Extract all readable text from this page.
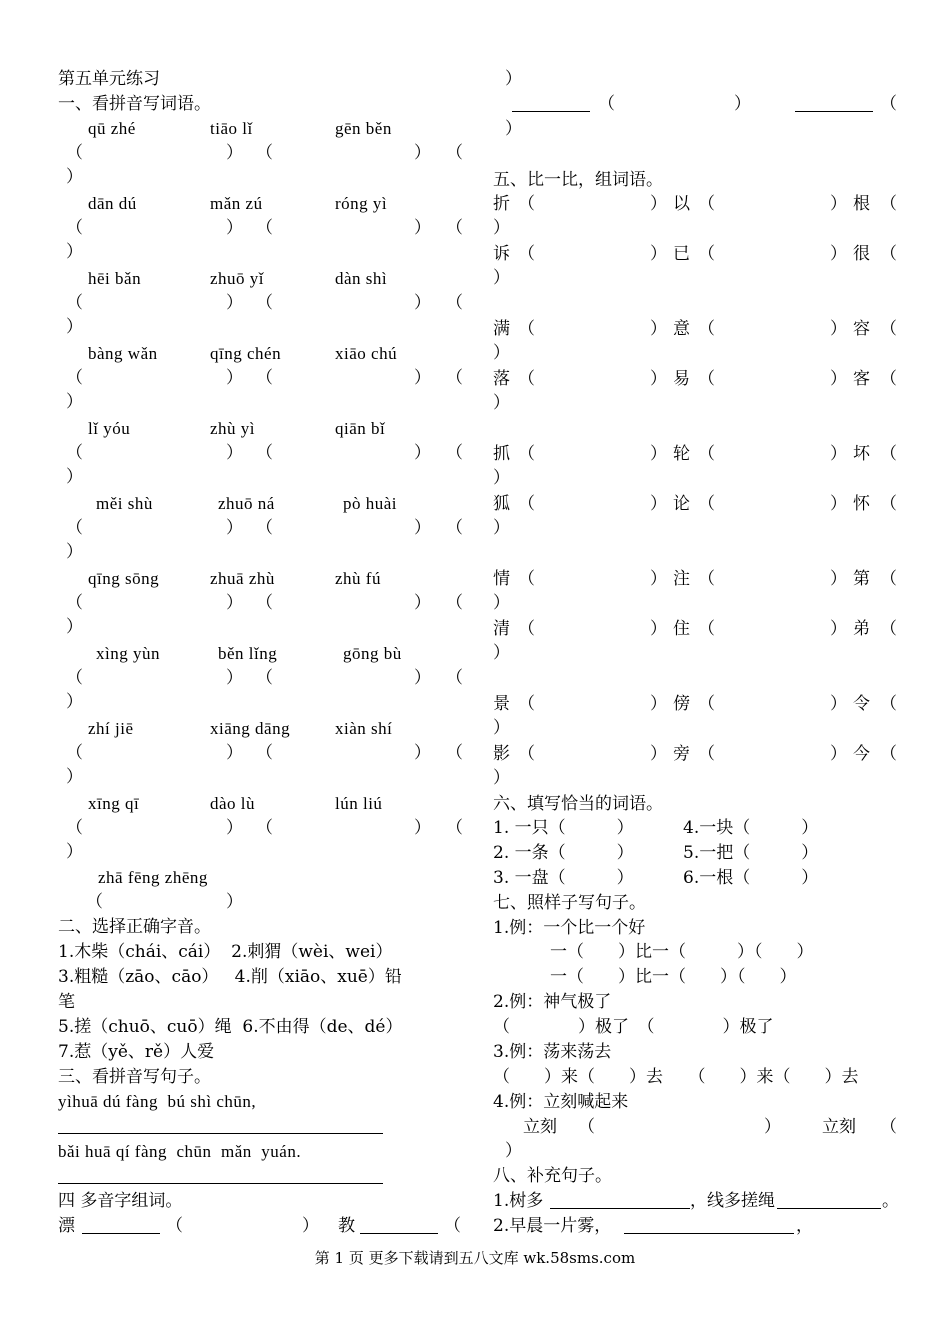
第五单元练习
一、看拼音写词语。
qū zhé	tiāo lǐ	gēn běn
（	） （	） （
）
dān dú	mǎn zú	róng yì
（	） （	） （
）
hēi bǎn	zhuō yǐ	dàn shì
（	） （	） （
）
bàng wǎn	qīng chén	xiāo chú
（	） （	） （
）
lǐ yóu	zhù yì	qiān bǐ
（	） （	） （
）
měi shù	zhuō ná	pò huài
（	） （	） （
）
qīng sōng	zhuā zhù	zhù fú
（	） （	） （
）
xìng yùn	běn lǐng	gōng bù
（	） （	） （
）
zhí jiē	xiāng dāng	xiàn shí
（	） （	） （
）
xīng qī	dào lù	lún liú
（	） （	） （
）
zhā fēng zhēng
（	）
二、选择正确字音。
1.木柴（chái、cái）  2.刺猬（wèi、wei）
3.粗糙（zāo、cāo）   4.削（xiāo、xuē）铅
笔
5.搓（chuō、cuō）绳  6.不由得（de、dé）
7.惹（yě、rě）人爱
三、看拼音写句子。
yìhuā dú fàng  bú shì chūn,
bǎi huā qí fàng  chūn  mǎn  yuán.
四 多音字组词。
漂	（	） 教	（
）
（	）	（
）
五、比一比，组词语。
折 （	） 以 （	） 根 （
）
诉 （	） 已 （	） 很 （
）
满 （	） 意 （	） 容 （
）
落 （	） 易 （	） 客 （
）
抓 （	） 轮 （	） 坏 （
）
狐 （	） 论 （	） 怀 （
）
情 （	） 注 （	） 第 （
）
清 （	） 住 （	） 弟 （
）
景 （	） 傍 （	） 令 （
）
影 （	） 旁 （	） 今 （
）
六、填写恰当的词语。
1. 一只（　　　）	4.一块（　　　）
2. 一条（　　　）	5.一把（　　　）
3. 一盘（　　　）	6.一根（　　　）
七、照样子写句子。
1.例：一个比一个好
一（　　）比一（　　　）（　　）
一（　　）比一（　　）（　　）
2.例：神气极了
（　　　　）极了　（　　　　）极了
3.例：荡来荡去
（　　）来（　　）去　　（　　）来（　　）去
4.例：立刻喊起来
立刻 （	） 立刻 （
）
八、补充句子。
1.树多	，线多搓绳	。
2.早晨一片雾，	，
第 1 页 更多下载请到五八文库 wk.58sms.com
